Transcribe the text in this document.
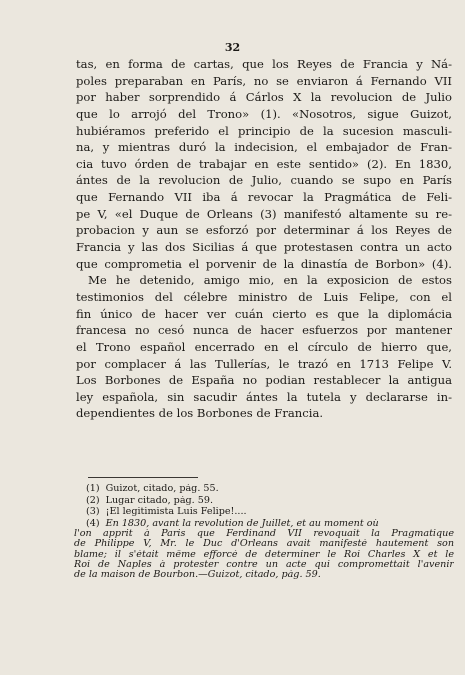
32
tas, en forma de cartas, que los Reyes de Francia y Ná-
poles preparaban en París, no se enviaron á Fernando VII
por haber sorprendido á Cárlos X la revolucion de Julio
que lo arrojó del Trono» (1). «Nosotros, sigue Guizot,
hubiéramos preferido el principio de la sucesion masculi-
na, y mientras duró la indecision, el embajador de Fran-
cia tuvo órden de trabajar en este sentido» (2). En 1830,
ántes de la revolucion de Julio, cuando se supo en París
que Fernando VII iba á revocar la Pragmática de Feli-
pe V, «el Duque de Orleans (3) manifestó altamente su re-
probacion y aun se esforzó por determinar á los Reyes de
Francia y las dos Sicilias á que protestasen contra un acto
que comprometia el porvenir de la dinastía de Borbon» (4).
Me he detenido, amigo mio, en la exposicion de estos
testimonios del célebre ministro de Luis Felipe, con el
fin único de hacer ver cuán cierto es que la diplomácia
francesa no cesó nunca de hacer esfuerzos por mantener
el Trono español encerrado en el círculo de hierro que,
por complacer á las Tullerías, le trazó en 1713 Felipe V.
Los Borbones de España no podian restablecer la antigua
ley española, sin sacudir ántes la tutela y declararse in-
dependientes de los Borbones de Francia.
(1) Guizot, citado, pág. 55.
(2) Lugar citado, pág. 59.
(3) ¡El legitimista Luis Felipe!....
(4) En 1830, avant la revolution de Juillet, et au moment où
l'on apprit à Paris que Ferdinand VII revoquait la Pragmatique
de Philippe V, Mr. le Duc d'Orleans avait manifesté hautement son
blame; il s'était même efforcé de determiner le Roi Charles X et le
Roi de Naples à protester contre un acte qui compromettait l'avenir
de la maison de Bourbon.—Guizot, citado, pág. 59.
